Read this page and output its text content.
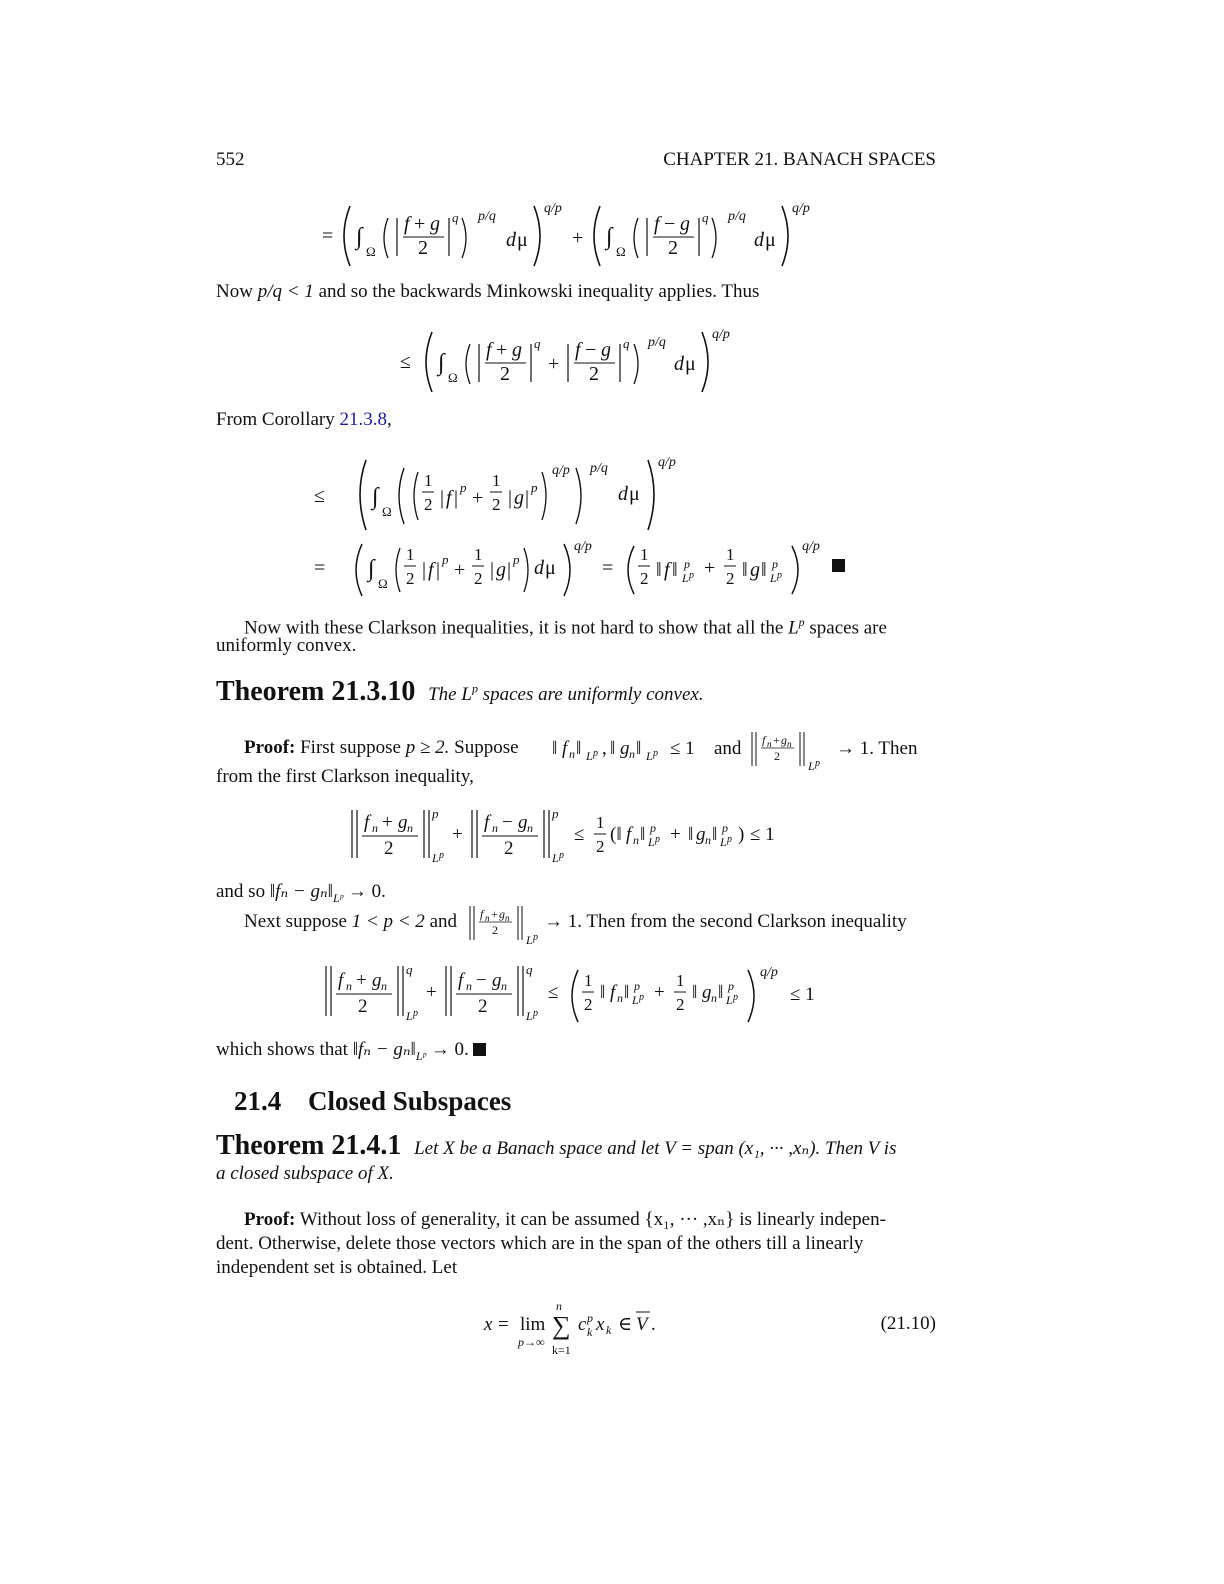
552	CHAPTER 21. BANACH SPACES
= ∫
Ω
f + g
2
q p/q
d μ
q/p
+ ∫
Ω
f − g
2
q p/q
d μ
q/p
Now p/q < 1 and so the backwards Minkowski inequality applies. Thus
≤ ∫
Ω
f + g
2
q
+
f − g
2
q p/q
d μ
q/p
From Corollary 21.3.8,
≤ ∫
Ω
1
2 | f | p +
1
2 | g | p
q/p p/q
d μ
q/p
= ∫
Ω
1
2 | f | p +
1
2 | g | p d μ
q/p
=
1
2 ‖ f ‖ p
L p +
1
2 ‖ g ‖ p
L p
q/p
Now with these Clarkson inequalities, it is not hard to show that all the $L^p$ spaces are
uniformly convex.
Theorem 21.3.10 The $L^p$ spaces are uniformly convex.
Proof: First suppose p ≥ 2. Suppose	‖ f n ‖ L p , ‖ g n ‖ L p ≤ 1 and f n + g n
2
L p
→ 1. Then
from the first Clarkson inequality,
f n + g n
2
p
L p
+
f n − g n
2
p
L p
≤
1
2
(‖ f n ‖ p
L p + ‖ g n ‖ p
L p ) ≤ 1
and so ‖fₙ − $g_n‖_{Lᵖ} \to 0$.
Next suppose 1 < p < 2 and	f n + g n
2
L p
→ 1. Then from the second Clarkson inequality
f n + g n
2
q
L p
+
f n − g n
2
q
L p
≤
1
2
‖ f n ‖ p
L p +
1
2
‖ g n ‖ p
L p
q/p
≤ 1
which shows that ‖fₙ − $g_n‖_{Lᵖ} \to 0$.
21.4 Closed Subspaces
Theorem 21.4.1 Let X be a Banach space and let V = span (x₁, ··· ,xₙ). Then V is
a closed subspace of X.
Proof: Without loss of generality, it can be assumed {x₁, ··· ,xₙ} is linearly indepen-
dent. Otherwise, delete those vectors which are in the span of the others till a linearly
independent set is obtained. Let
x = lim
p→∞
n
∑
k=1
c p
k x k ∈ V .	(21.10)
